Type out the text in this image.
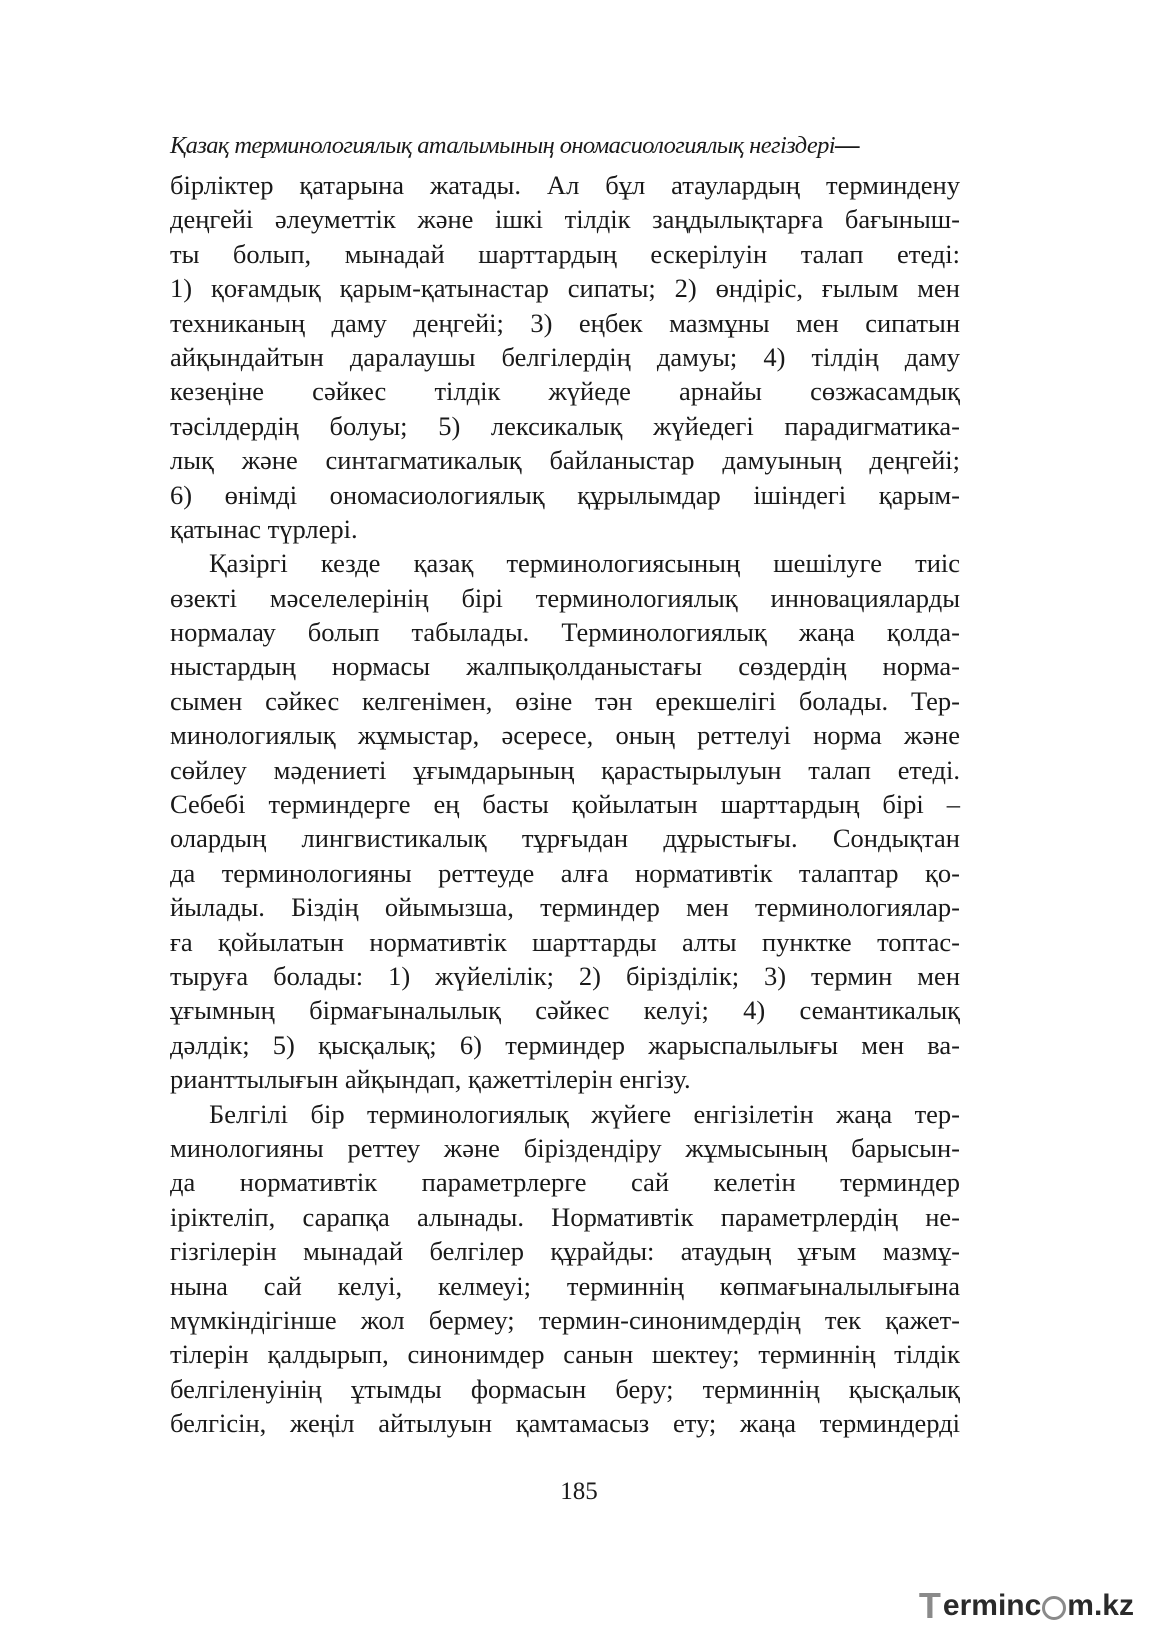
Қазақ терминологиялық аталымының ономасиологиялық негіздері—

бірліктер қатарына жатады. Ал бұл атаулардың терминдену
деңгейі әлеуметтік және ішкі тілдік заңдылықтарға бағыныш-
ты болып, мынадай шарттардың ескерілуін талап етеді:
1) қоғамдық қарым-қатынастар сипаты; 2) өндіріс, ғылым мен
техниканың даму деңгейі; 3) еңбек мазмұны мен сипатын
айқындайтын даралаушы белгілердің дамуы; 4) тілдің даму
кезеңіне сәйкес тілдік жүйеде арнайы сөзжасамдық
тәсілдердің болуы; 5) лексикалық жүйедегі парадигматика-
лық және синтагматикалық байланыстар дамуының деңгейі;
6) өнімді ономасиологиялық құрылымдар ішіндегі қарым-
қатынас түрлері.

Қазіргі кезде қазақ терминологиясының шешілуге тиіс
өзекті мәселелерінің бірі терминологиялық инновацияларды
нормалау болып табылады. Терминологиялық жаңа қолда-
ныстардың нормасы жалпықолданыстағы сөздердің норма-
сымен сәйкес келгенімен, өзіне тән ерекшелігі болады. Тер-
минологиялық жұмыстар, әсересе, оның реттелуі норма және
сөйлеу мәдениеті ұғымдарының қарастырылуын талап етеді.
Себебі терминдерге ең басты қойылатын шарттардың бірі –
олардың лингвистикалық тұрғыдан дұрыстығы. Сондықтан
да терминологияны реттеуде алға нормативтік талаптар қо-
йылады. Біздің ойымызша, терминдер мен терминологиялар-
ға қойылатын нормативтік шарттарды алты пунктке топтас-
тыруға болады: 1) жүйелілік; 2) бірізділік; 3) термин мен
ұғымның бірмағыналылық сәйкес келуі; 4) семантикалық
дәлдік; 5) қысқалық; 6) терминдер жарыспалылығы мен ва-
рианттылығын айқындап, қажеттілерін енгізу.

Белгілі бір терминологиялық жүйеге енгізілетін жаңа тер-
минологияны реттеу және біріздендіру жұмысының барысын-
да нормативтік параметрлерге сай келетін терминдер
іріктеліп, сарапқа алынады. Нормативтік параметрлердің не-
гізгілерін мынадай белгілер құрайды: атаудың ұғым мазмұ-
нына сай келуі, келмеуі; терминнің көпмағыналылығына
мүмкіндігінше жол бермеу; термин-синонимдердің тек қажет-
тілерін қалдырып, синонимдер санын шектеу; терминнің тілдік
белгіленуінің ұтымды формасын беру; терминнің қысқалық
белгісін, жеңіл айтылуын қамтамасыз ету; жаңа терминдерді

185
T erminc m.kz
